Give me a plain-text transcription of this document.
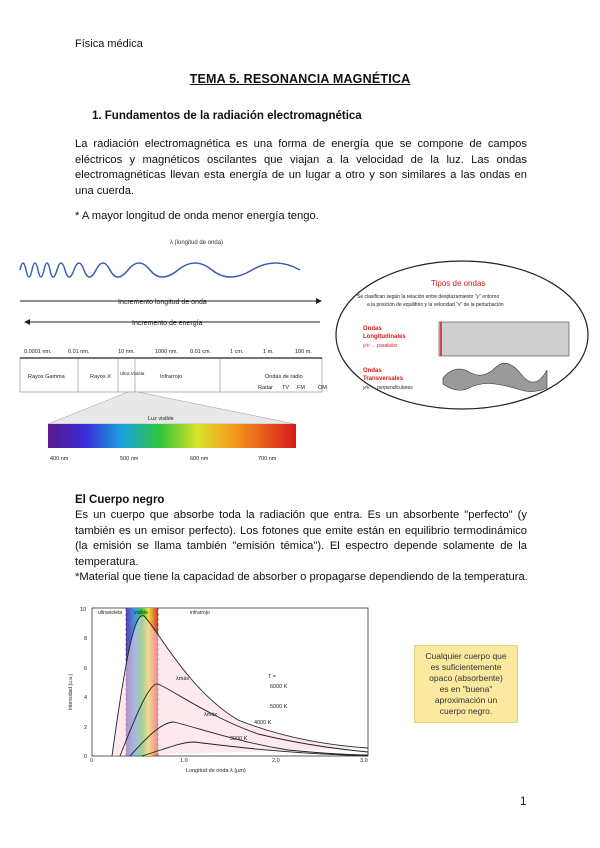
Física médica
TEMA 5. RESONANCIA MAGNÉTICA
1. Fundamentos de la radiación electromagnética
La radiación electromagnética es una forma de energía que se compone de campos eléctricos y magnéticos oscilantes que viajan a la velocidad de la luz. Las ondas electromagnéticas llevan esta energía de un lugar a otro y son similares a las ondas en una cuerda.
* A mayor longitud de onda menor energía tengo.
λ (longitud de onda)
Incremento longitud de onda
Incremento de energía
0.0001 nm.	0.01 nm.	10 nm.	1000 nm. 0.01 cm.	1 cm.	1 m.	100 m.
Rayos Gamma	Rayos X
Ultra Violeta
Infrarrojo	Ondas de radio
Radar TV FM OM
Luz visible
400 nm	500 nm	600 nm	700 nm
Tipos de ondas
Se clasifican según la relación entre desplazamiento "y" entorno
a la posición de equilibrio y la velocidad "v" de la perturbación
Ondas
Longitudinales
y/v → paralelos
Ondas
Transversales
y/v → perpendiculares
El Cuerpo negro
Es un cuerpo que absorbe toda la radiación que entra. Es un absorbente "perfecto" (y también es un emisor perfecto). Los fotones que emite están en equilibrio termodinámico (la emisión se llama también "emisión témica"). El espectro depende solamente de la temperatura.
*Material que tiene la capacidad de absorber o propagarse dependiendo de la temperatura.
ultravioleta visible	infrarrojo
T =
6000 K
5000 K
4000 K
3000 K
λmáx
λmáx
0	1.0	2.0	3.0
0
2
4
6
8
10
Longitud de onda λ (µm)
Intensidad (u.a.)
Cualquier cuerpo que
es suficientemente
opaco (absorbente)
es en "buena"
aproximación un
cuerpo negro.
1
